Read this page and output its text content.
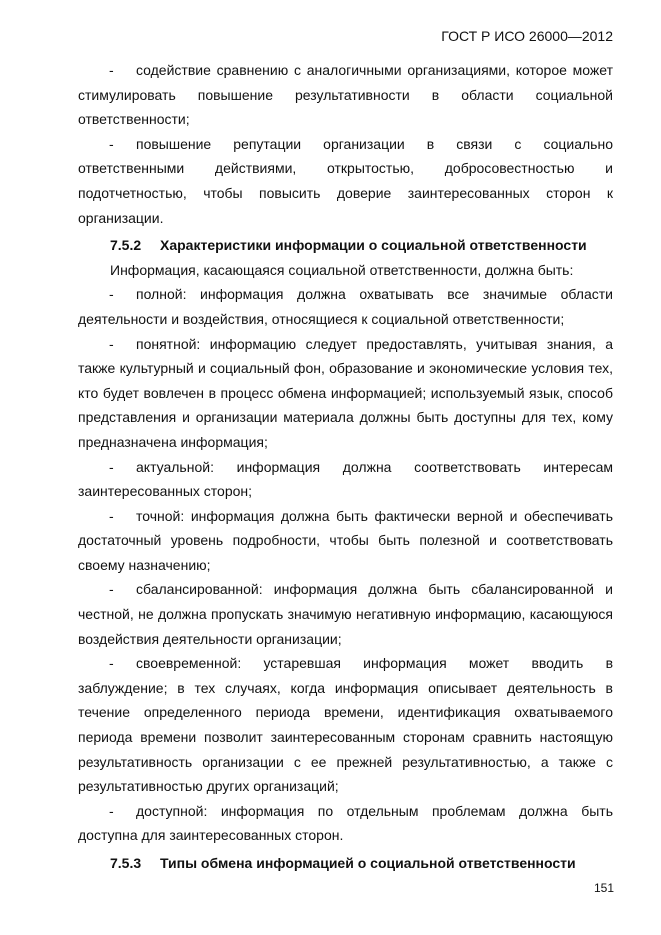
ГОСТ Р ИСО 26000—2012

- содействие сравнению с аналогичными организациями, которое может стимулировать повышение результативности в области социальной ответственности;

- повышение репутации организации в связи с социально ответственными действиями, открытостью, добросовестностью и подотчетностью, чтобы повысить доверие заинтересованных сторон к организации.

7.5.2 Характеристики информации о социальной ответственности

Информация, касающаяся социальной ответственности, должна быть:

- полной: информация должна охватывать все значимые области деятельности и воздействия, относящиеся к социальной ответственности;

- понятной: информацию следует предоставлять, учитывая знания, а также культурный и социальный фон, образование и экономические условия тех, кто будет вовлечен в процесс обмена информацией; используемый язык, способ представления и организации материала должны быть доступны для тех, кому предназначена информация;

- актуальной: информация должна соответствовать интересам заинтересованных сторон;

- точной: информация должна быть фактически верной и обеспечивать достаточный уровень подробности, чтобы быть полезной и соответствовать своему назначению;

- сбалансированной: информация должна быть сбалансированной и честной, не должна пропускать значимую негативную информацию, касающуюся воздействия деятельности организации;

- своевременной: устаревшая информация может вводить в заблуждение; в тех случаях, когда информация описывает деятельность в течение определенного периода времени, идентификация охватываемого периода времени позволит заинтересованным сторонам сравнить настоящую результативность организации с ее прежней результативностью, а также с результативностью других организаций;

- доступной: информация по отдельным проблемам должна быть доступна для заинтересованных сторон.

7.5.3 Типы обмена информацией о социальной ответственности

151
